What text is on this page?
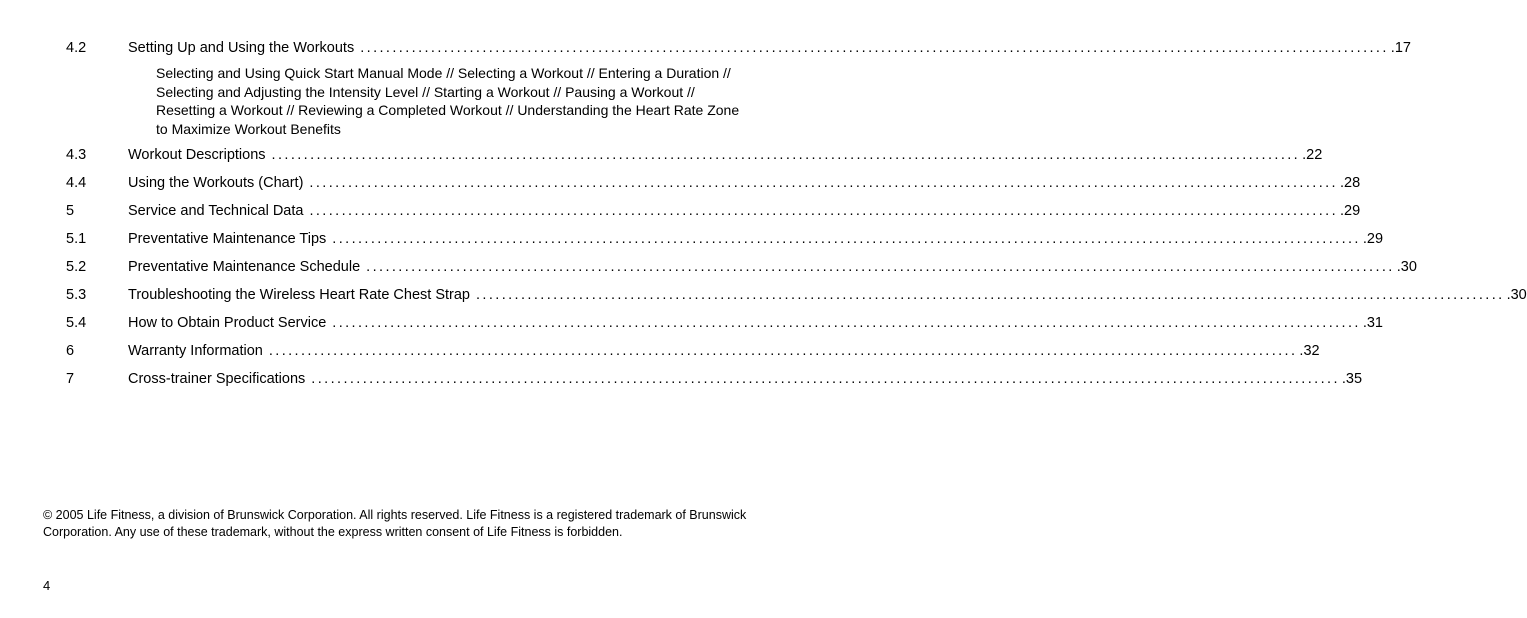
4.2	Setting Up and Using the Workouts ................................................................................................................................................................ .17
Selecting and Using Quick Start Manual Mode // Selecting a Workout // Entering a Duration //
Selecting and Adjusting the Intensity Level // Starting a Workout // Pausing a Workout //
Resetting a Workout // Reviewing a Completed Workout // Understanding the Heart Rate Zone
to Maximize Workout Benefits
4.3	Workout Descriptions ................................................................................................................................................................ .22
4.4	Using the Workouts (Chart) ................................................................................................................................................................ .28
5	Service and Technical Data ................................................................................................................................................................ .29
5.1	Preventative Maintenance Tips ................................................................................................................................................................ .29
5.2	Preventative Maintenance Schedule ................................................................................................................................................................ .30
5.3	Troubleshooting the Wireless Heart Rate Chest Strap ................................................................................................................................................................ .30
5.4	How to Obtain Product Service ................................................................................................................................................................ .31
6	Warranty Information ................................................................................................................................................................ .32
7	Cross-trainer Specifications ................................................................................................................................................................ .35
© 2005 Life Fitness, a division of Brunswick Corporation. All rights reserved. Life Fitness is a registered trademark of Brunswick
Corporation. Any use of these trademark, without the express written consent of Life Fitness is forbidden.
4
